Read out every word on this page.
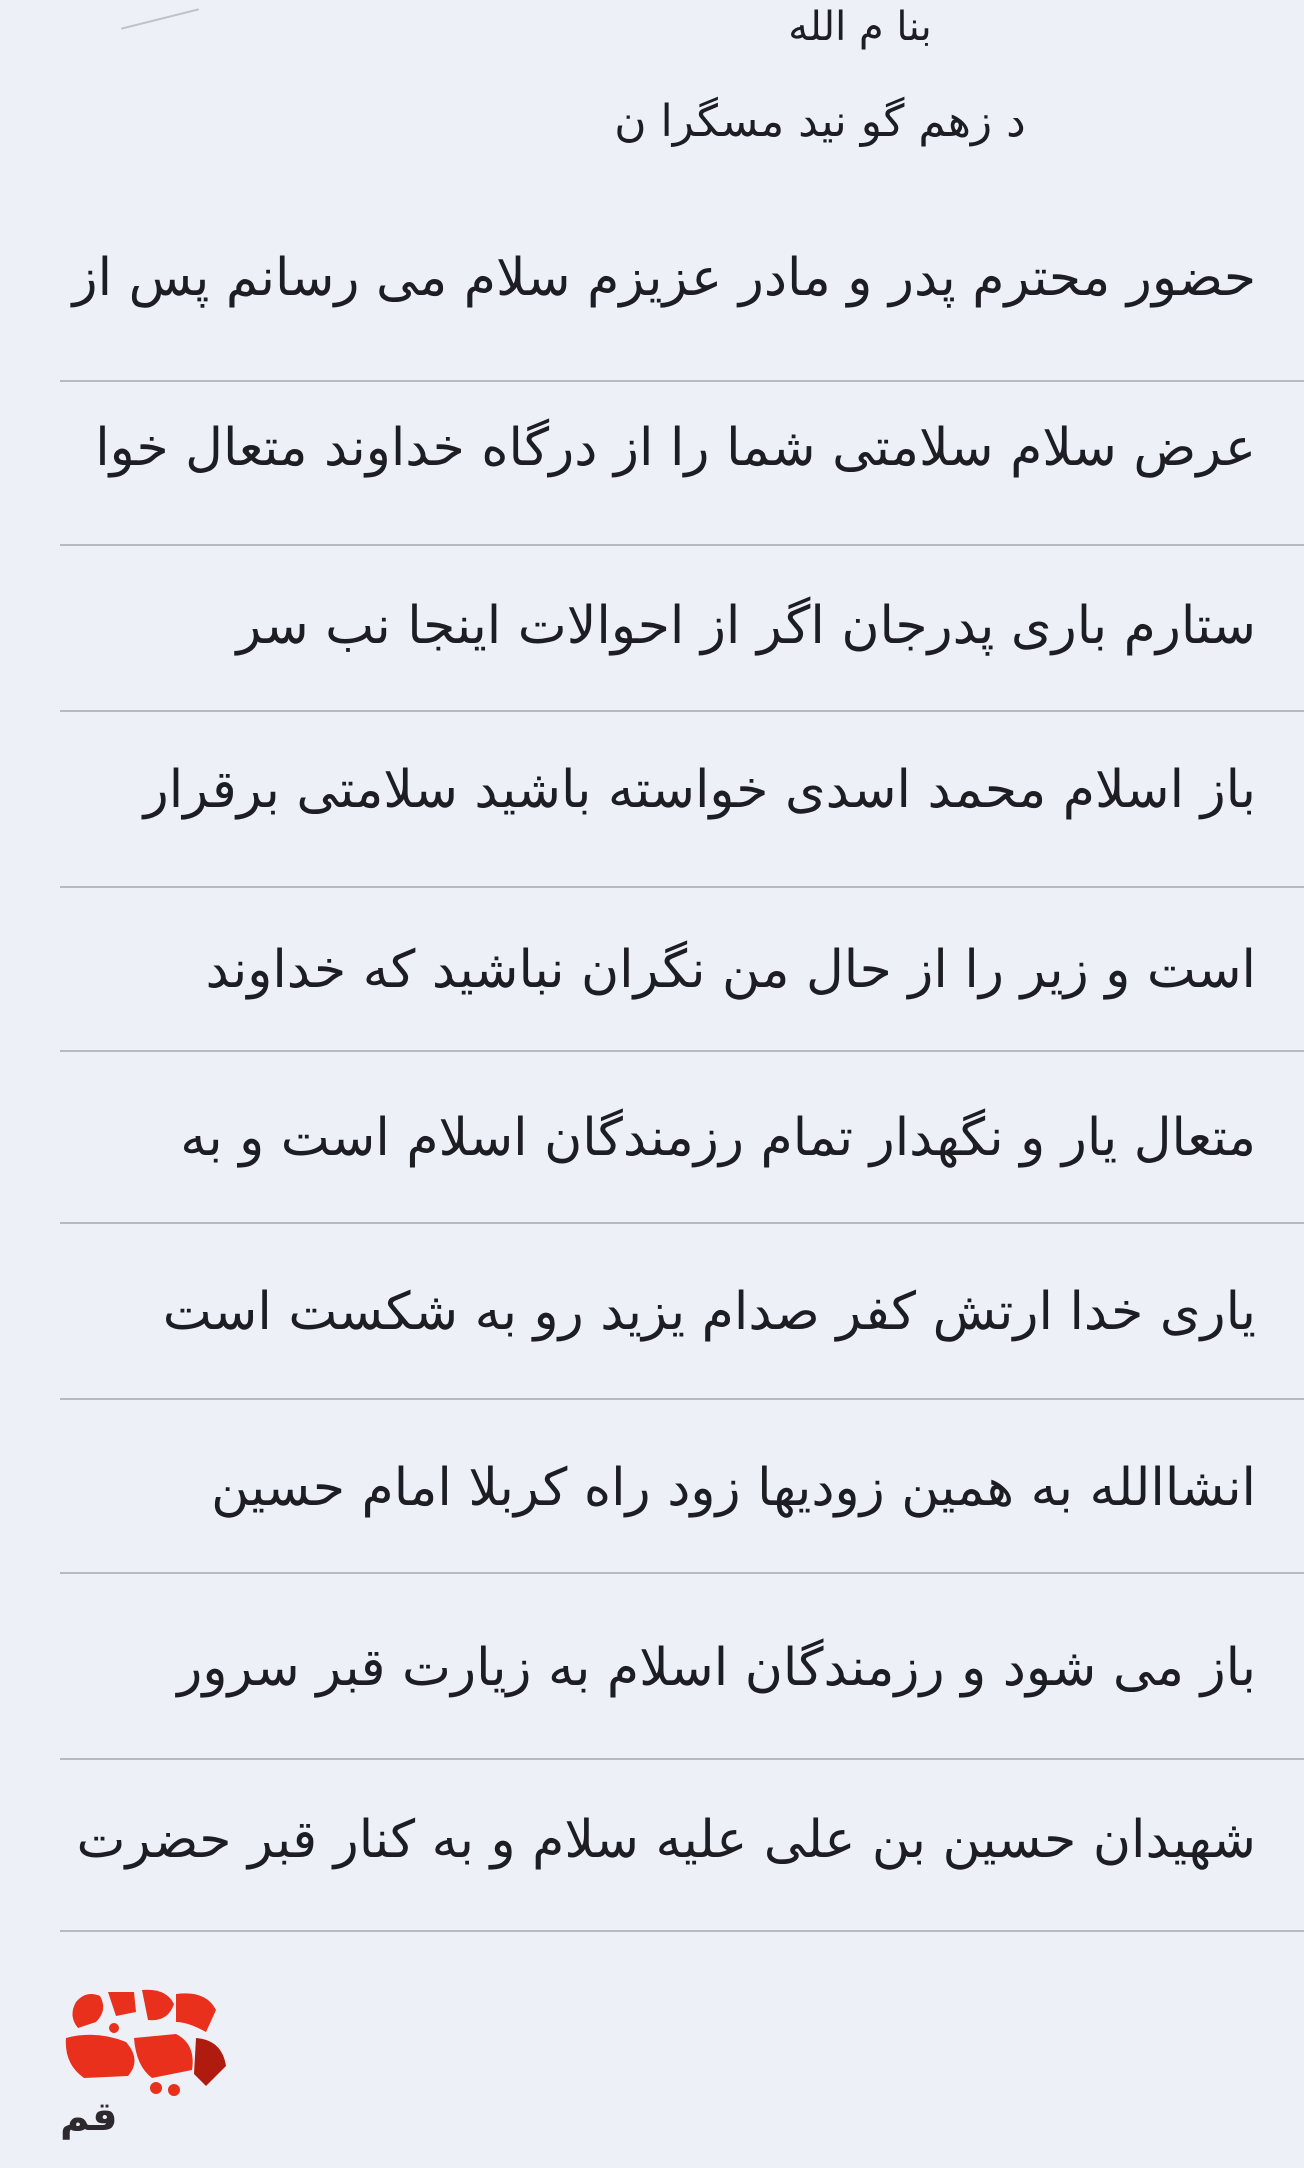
بنا م الله
د زهم گو نید مسگرا ن
حضور محترم پدر و مادر عزیزم سلام می رسانم پس از
عرض سلام سلامتی شما را از درگاه خداوند متعال خوا
ستارم باری پدرجان اگر از احوالات اینجا نب سر
باز اسلام محمد اسدی خواسته باشید سلامتی برقرار
است و زیر را از حال من نگران نباشید که خداوند
متعال یار و نگهدار تمام رزمندگان اسلام است و به
یاری خدا ارتش کفر صدام یزید رو به شکست است
انشاالله به همین زودیها زود راه کربلا امام حسین
باز می شود و رزمندگان اسلام به زیارت قبر سرور
شهیدان حسین بن علی علیه سلام و به کنار قبر حضرت
قم
